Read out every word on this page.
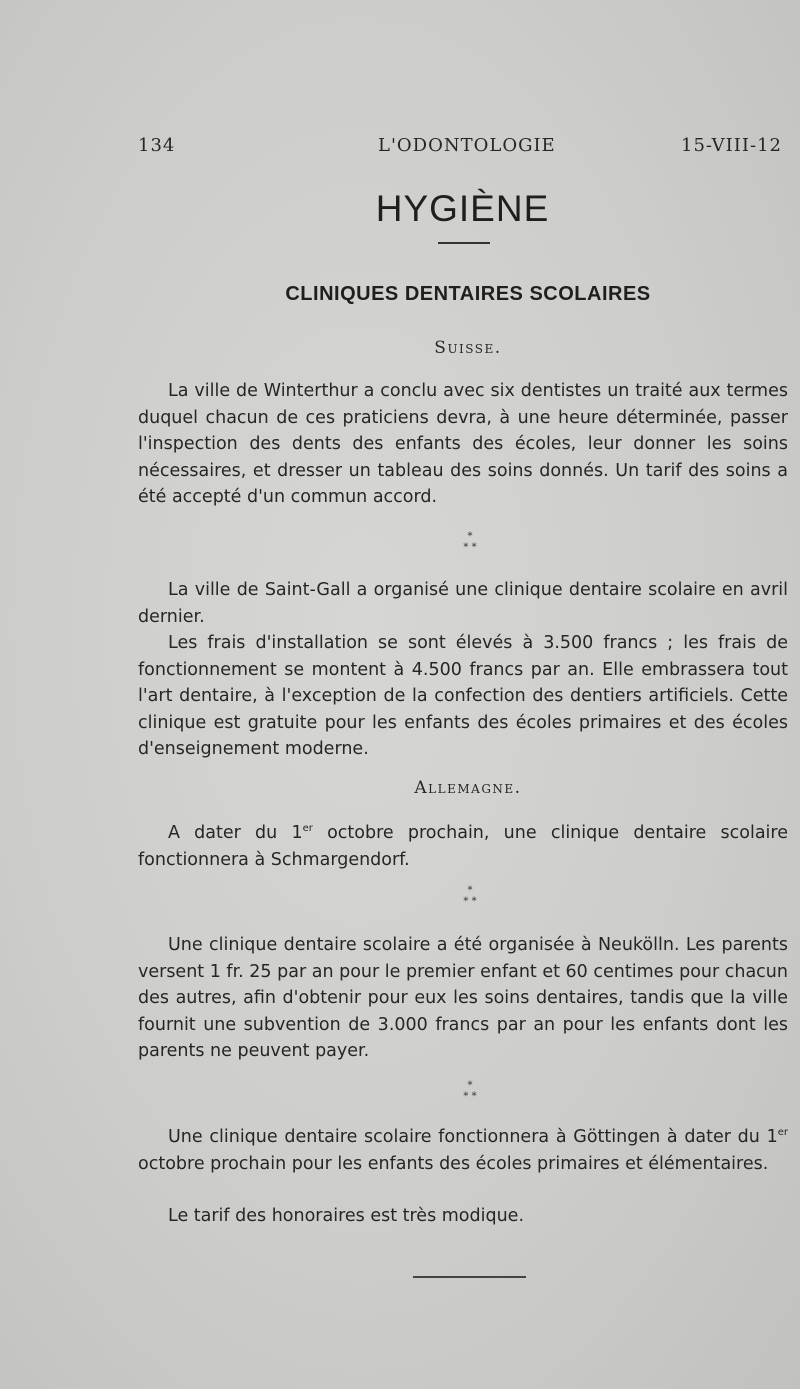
134	L'ODONTOLOGIE	15-VIII-12
HYGIÈNE
CLINIQUES DENTAIRES SCOLAIRES
Suisse.
La ville de Winterthur a conclu avec six dentistes un traité aux termes duquel chacun de ces praticiens devra, à une heure déterminée, passer l'inspection des dents des enfants des écoles, leur donner les soins nécessaires, et dresser un tableau des soins donnés. Un tarif des soins a été accepté d'un commun accord.
*
* *
La ville de Saint-Gall a organisé une clinique dentaire scolaire en avril dernier.
Les frais d'installation se sont élevés à 3.500 francs ; les frais de fonctionnement se montent à 4.500 francs par an. Elle embrassera tout l'art dentaire, à l'exception de la confection des dentiers artificiels. Cette clinique est gratuite pour les enfants des écoles primaires et des écoles d'enseignement moderne.
Allemagne.
A dater du 1er octobre prochain, une clinique dentaire scolaire fonctionnera à Schmargendorf.
*
* *
Une clinique dentaire scolaire a été organisée à Neukölln. Les parents versent 1 fr. 25 par an pour le premier enfant et 60 centimes pour chacun des autres, afin d'obtenir pour eux les soins dentaires, tandis que la ville fournit une subvention de 3.000 francs par an pour les enfants dont les parents ne peuvent payer.
*
* *
Une clinique dentaire scolaire fonctionnera à Göttingen à dater du 1er octobre prochain pour les enfants des écoles primaires et élémentaires.
Le tarif des honoraires est très modique.
